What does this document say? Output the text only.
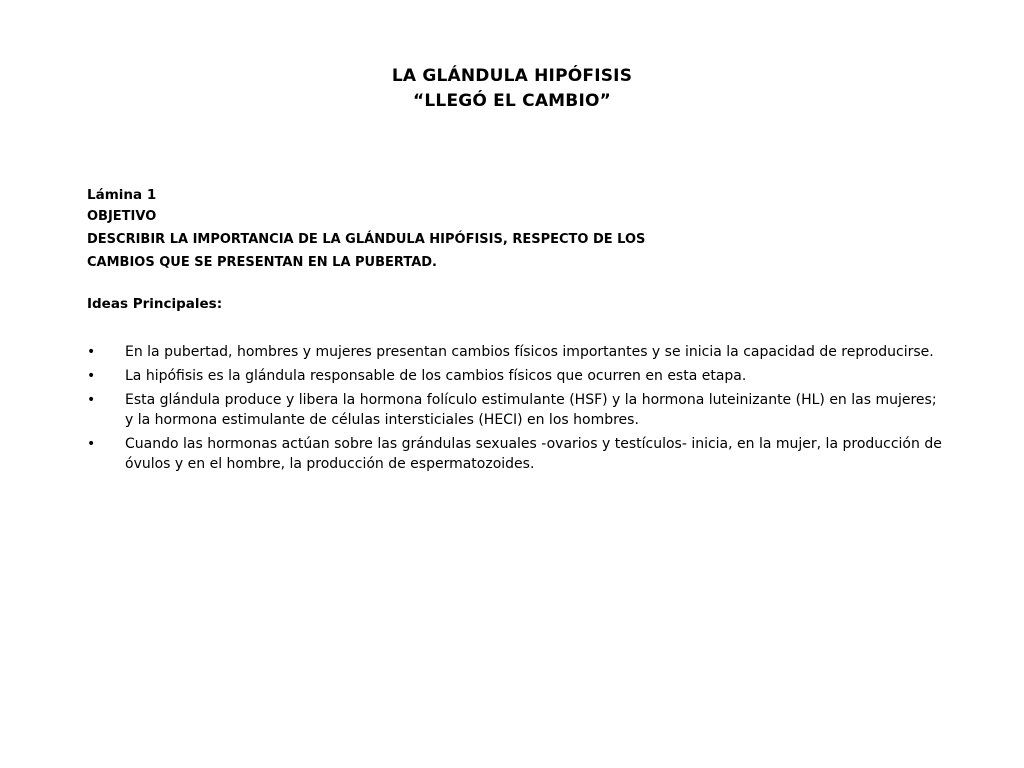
LA GLÁNDULA HIPÓFISIS
“LLEGÓ EL CAMBIO”
Lámina 1
OBJETIVO
DESCRIBIR LA IMPORTANCIA DE LA GLÁNDULA HIPÓFISIS, RESPECTO DE LOS
CAMBIOS QUE SE PRESENTAN EN LA PUBERTAD.
Ideas Principales:
• En la pubertad, hombres y mujeres presentan cambios físicos importantes y se inicia la capacidad de reproducirse.
• La hipófisis es la glándula responsable de los cambios físicos que ocurren en esta etapa.
• Esta glándula produce y libera la hormona folículo estimulante (HSF) y la hormona luteinizante (HL) en las mujeres; y la hormona estimulante de células intersticiales (HECI) en los hombres.
• Cuando las hormonas actúan sobre las grándulas sexuales -ovarios y testículos- inicia, en la mujer, la producción de óvulos y en el hombre, la producción de espermatozoides.
